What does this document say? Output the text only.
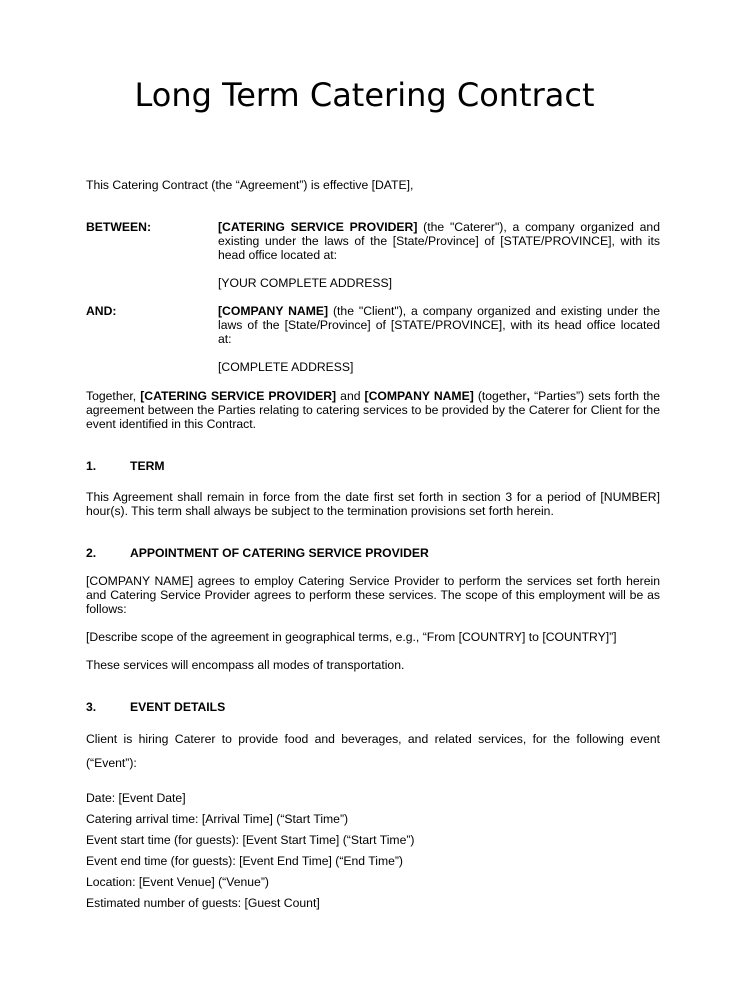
Long Term Catering Contract

This Catering Contract (the “Agreement”) is effective [DATE],

BETWEEN:	[CATERING SERVICE PROVIDER] (the "Caterer"), a company organized and existing under the laws of the [State/Province] of [STATE/PROVINCE], with its head office located at:

[YOUR COMPLETE ADDRESS]

AND:	[COMPANY NAME] (the "Client"), a company organized and existing under the laws of the [State/Province] of [STATE/PROVINCE], with its head office located at:

[COMPLETE ADDRESS]

Together, [CATERING SERVICE PROVIDER] and [COMPANY NAME] (together, “Parties”) sets forth the agreement between the Parties relating to catering services to be provided by the Caterer for Client for the event identified in this Contract.

1.	TERM

This Agreement shall remain in force from the date first set forth in section 3 for a period of [NUMBER] hour(s). This term shall always be subject to the termination provisions set forth herein.

2.	APPOINTMENT OF CATERING SERVICE PROVIDER

[COMPANY NAME] agrees to employ Catering Service Provider to perform the services set forth herein and Catering Service Provider agrees to perform these services. The scope of this employment will be as follows:

[Describe scope of the agreement in geographical terms, e.g., “From [COUNTRY] to [COUNTRY]”]

These services will encompass all modes of transportation.

3.	EVENT DETAILS

Client is hiring Caterer to provide food and beverages, and related services, for the following event (“Event”):

Date: [Event Date]
Catering arrival time: [Arrival Time] (“Start Time”)
Event start time (for guests): [Event Start Time] (“Start Time”)
Event end time (for guests): [Event End Time] (“End Time”)
Location: [Event Venue] (“Venue”)
Estimated number of guests: [Guest Count]
